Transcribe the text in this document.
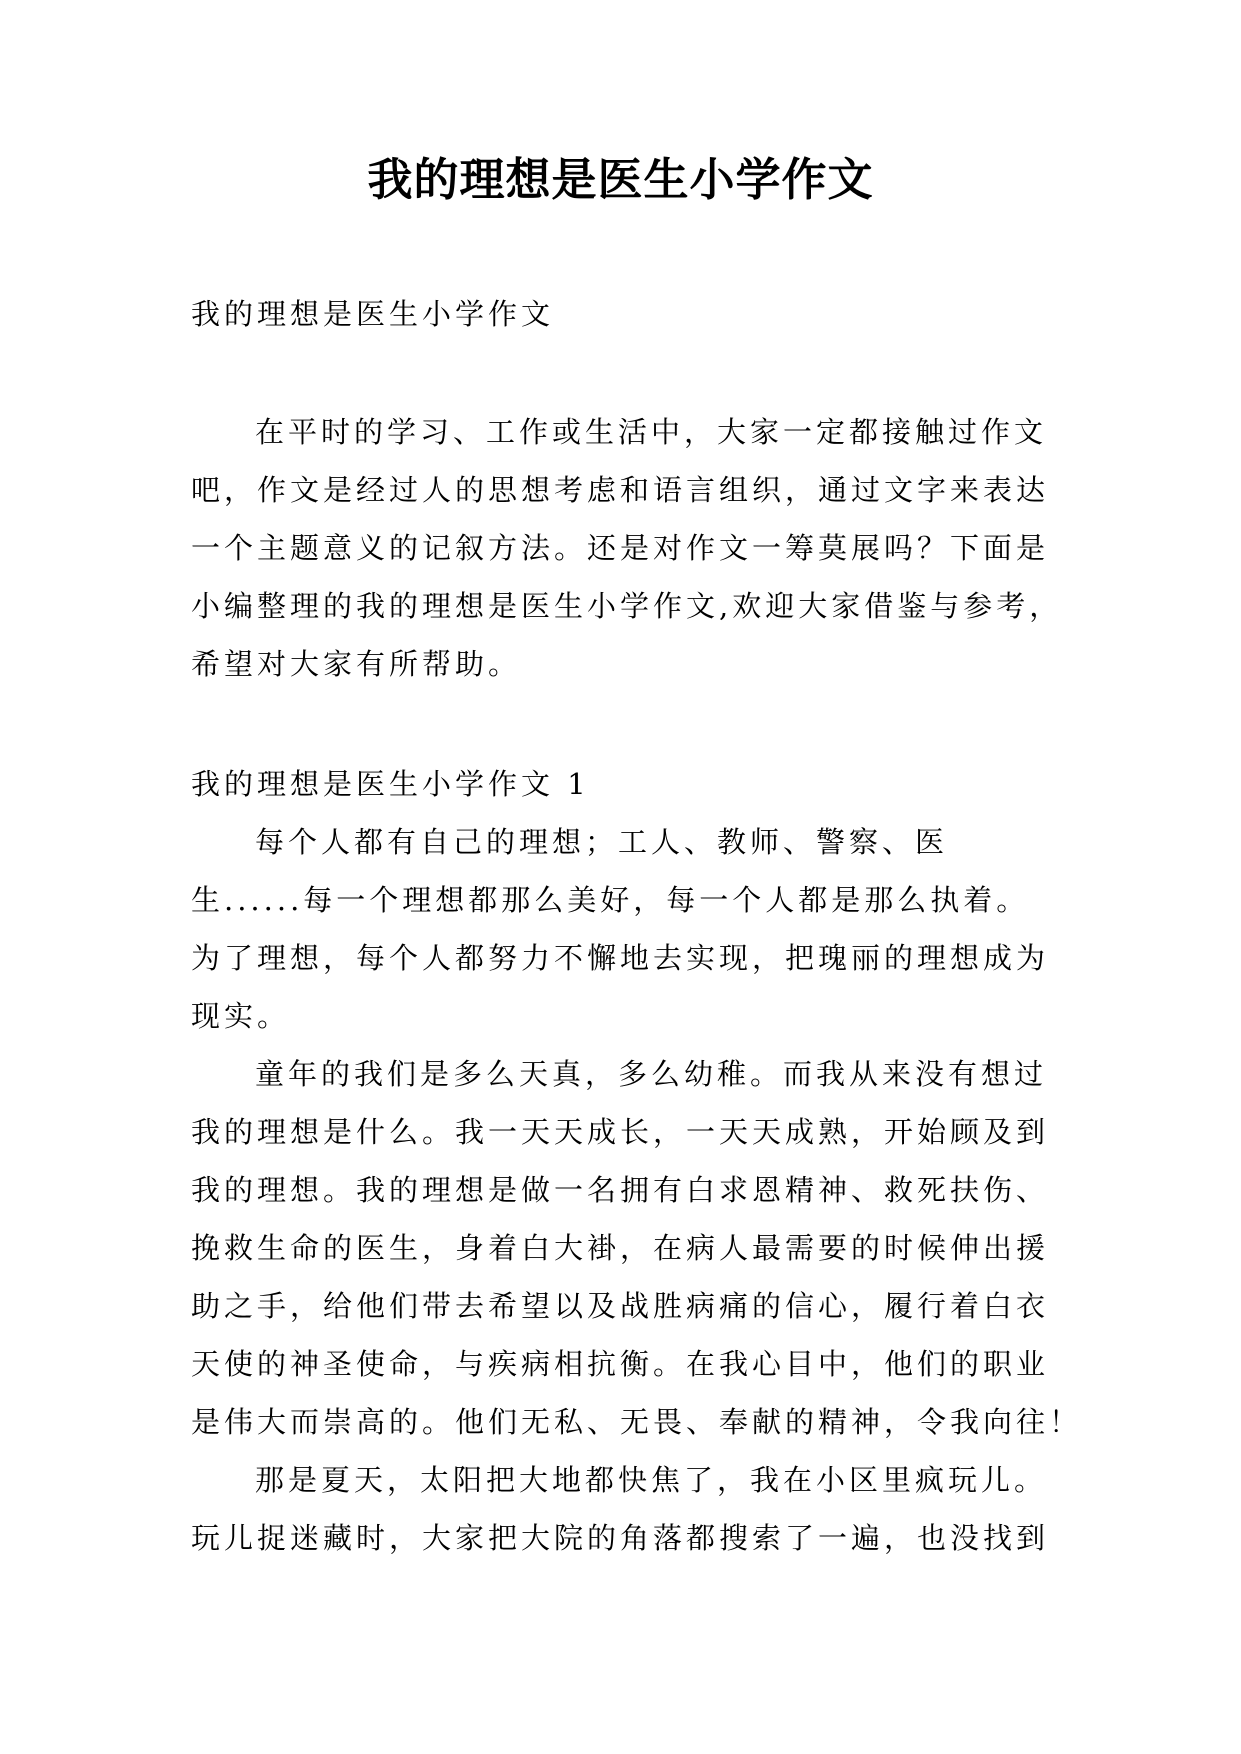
我的理想是医生小学作文

我的理想是医生小学作文

在平时的学习、工作或生活中，大家一定都接触过作文
吧，作文是经过人的思想考虑和语言组织，通过文字来表达
一个主题意义的记叙方法。还是对作文一筹莫展吗？下面是
小编整理的我的理想是医生小学作文,欢迎大家借鉴与参考，
希望对大家有所帮助。

我的理想是医生小学作文 1

每个人都有自己的理想；工人、教师、警察、医
生......每一个理想都那么美好，每一个人都是那么执着。
为了理想，每个人都努力不懈地去实现，把瑰丽的理想成为
现实。
童年的我们是多么天真，多么幼稚。而我从来没有想过
我的理想是什么。我一天天成长，一天天成熟，开始顾及到
我的理想。我的理想是做一名拥有白求恩精神、救死扶伤、
挽救生命的医生，身着白大褂，在病人最需要的时候伸出援
助之手，给他们带去希望以及战胜病痛的信心，履行着白衣
天使的神圣使命，与疾病相抗衡。在我心目中，他们的职业
是伟大而崇高的。他们无私、无畏、奉献的精神，令我向往！
那是夏天，太阳把大地都快焦了，我在小区里疯玩儿。
玩儿捉迷藏时，大家把大院的角落都搜索了一遍，也没找到
